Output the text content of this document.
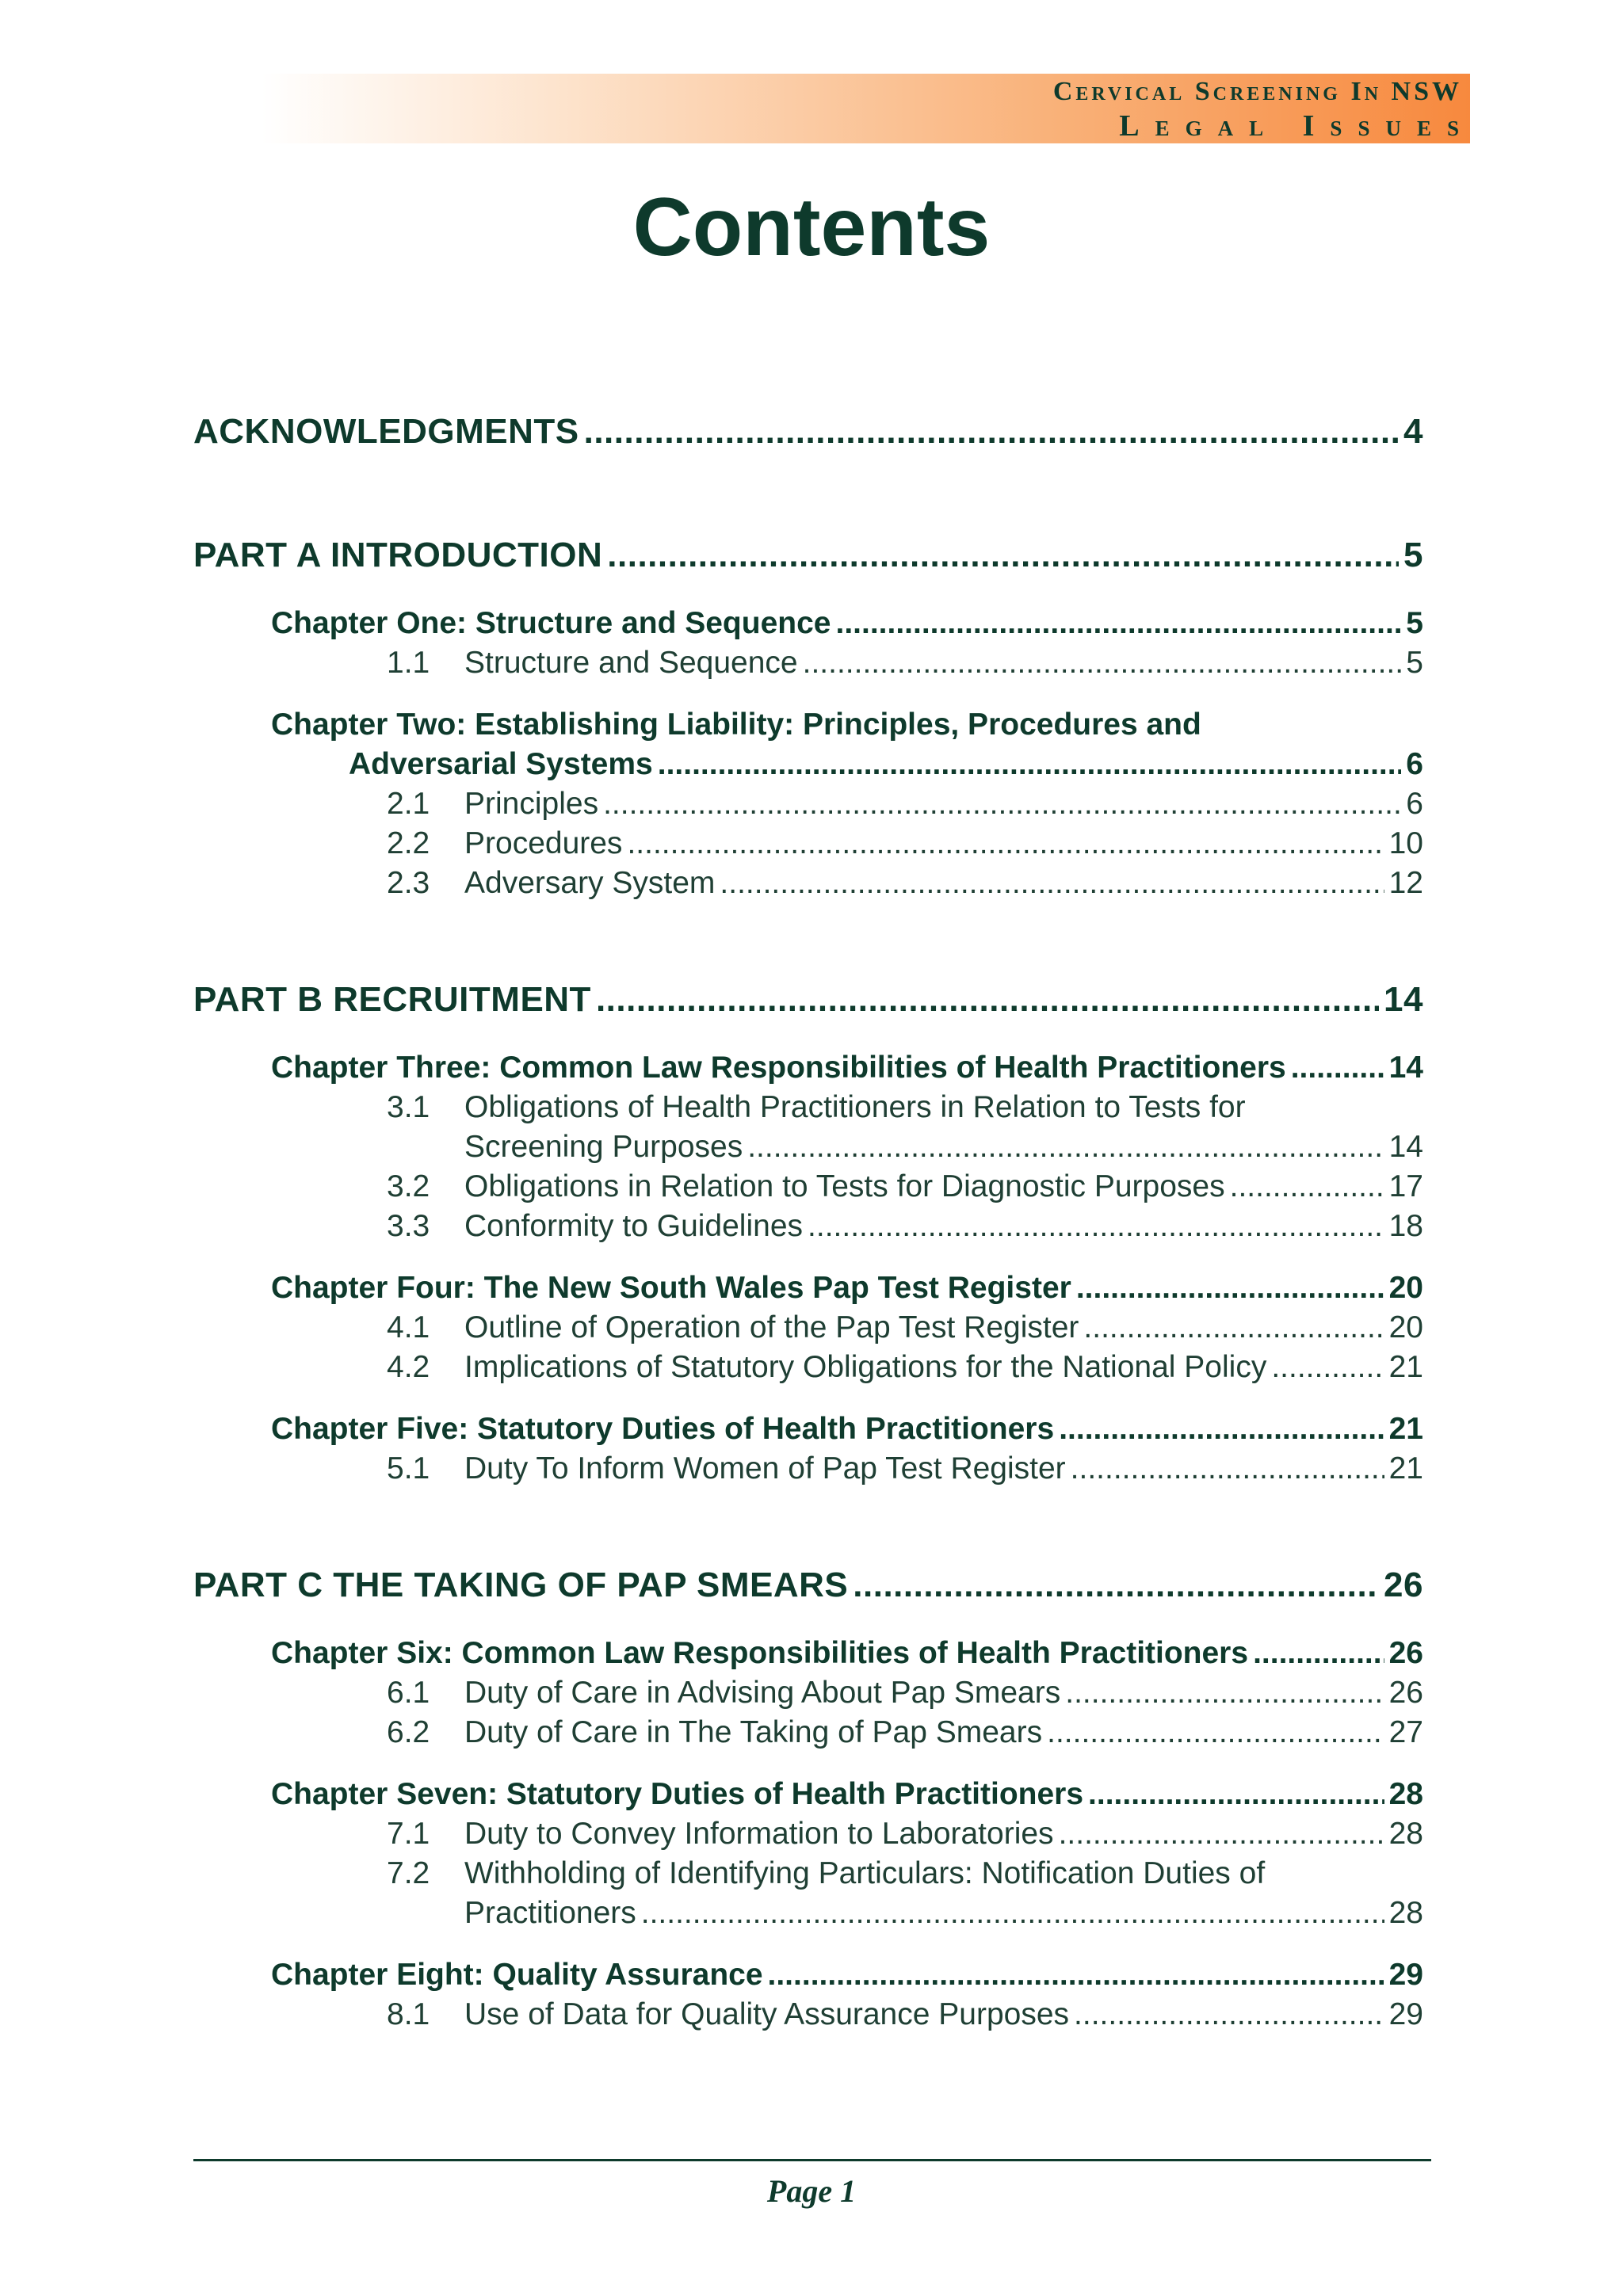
Cervical Screening In NSW
Legal Issues
Contents
ACKNOWLEDGMENTS .....	4
PART A INTRODUCTION .....	5
Chapter One: Structure and Sequence .....	5
1.1 Structure and Sequence .....	5
Chapter Two: Establishing Liability: Principles, Procedures and
Adversarial Systems .....	6
2.1 Principles .....	6
2.2 Procedures .....	10
2.3 Adversary System .....	12
PART B RECRUITMENT .....	14
Chapter Three: Common Law Responsibilities of Health Practitioners .....	14
3.1 Obligations of Health Practitioners in Relation to Tests for
Screening Purposes .....	14
3.2 Obligations in Relation to Tests for Diagnostic Purposes .....	17
3.3 Conformity to Guidelines .....	18
Chapter Four: The New South Wales Pap Test Register .....	20
4.1 Outline of Operation of the Pap Test Register .....	20
4.2 Implications of Statutory Obligations for the National Policy .....	21
Chapter Five: Statutory Duties of Health Practitioners .....	21
5.1 Duty To Inform Women of Pap Test Register .....	21
PART C THE TAKING OF PAP SMEARS .....	26
Chapter Six: Common Law Responsibilities of Health Practitioners .....	26
6.1 Duty of Care in Advising About Pap Smears .....	26
6.2 Duty of Care in The Taking of Pap Smears .....	27
Chapter Seven: Statutory Duties of Health Practitioners .....	28
7.1 Duty to Convey Information to Laboratories .....	28
7.2 Withholding of Identifying Particulars: Notification Duties of
Practitioners .....	28
Chapter Eight: Quality Assurance .....	29
8.1 Use of Data for Quality Assurance Purposes .....	29
Page 1
